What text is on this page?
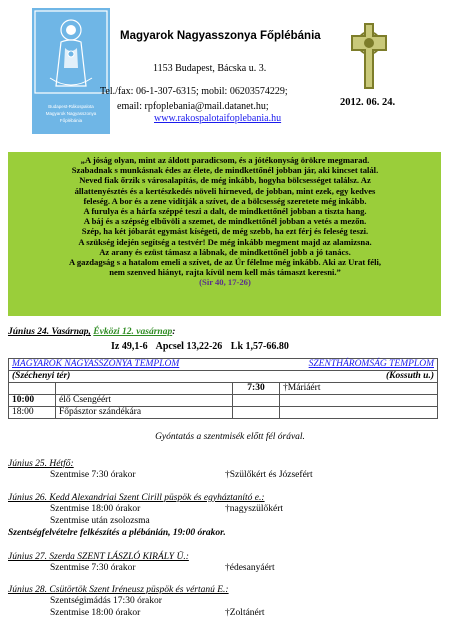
Budapest-Rákospalota
Magyarok Nagyasszonya
Főplébánia
Magyarok Nagyasszonya Főplébánia
1153 Budapest, Bácska u. 3.
Tel./fax: 06-1-307-6315; mobil: 06203574229;
email: rpfoplebania@mail.datanet.hu;
www.rakospalotaifoplebania.hu
2012. 06. 24.
„A jóság olyan, mint az áldott paradicsom, és a jótékonyság örökre megmarad.
Szabadnak s munkásnak édes az élete, de mindkettőnél jobban jár, aki kincset talál.
Neved fiak őrzik s városalapítás, de még inkább, hogyha bölcsességet találsz. Az
állattenyésztés és a kertészkedés növeli hírneved, de jobban, mint ezek, egy kedves
feleség. A bor és a zene vidítják a szívet, de a bölcsesség szeretete még inkább.
A furulya és a hárfa széppé teszi a dalt, de mindkettőnél jobban a tiszta hang.
A báj és a szépség elbűvöli a szemet, de mindkettőnél jobban a vetés a mezőn.
Szép, ha két jóbarát egymást kíségeti, de még szebb, ha ezt férj és feleség teszi.
A szükség idején segítség a testvér! De még inkább megment majd az alamizsna.
Az arany és ezüst támasz a lábnak, de mindkettőnél jobb a jó tanács.
A gazdagság s a hatalom emeli a szívet, de az Úr félelme még inkább. Aki az Urat féli,
nem szenved hiányt, rajta kívül nem kell más támaszt keresni.”
(Sir 40, 17-26)
Június 24. Vasárnap, Évközi 12. vasárnap:
Iz 49,1-6 Apcsel 13,22-26 Lk 1,57-66.80
MAGYAROK NAGYASSZONYA TEMPLOM		SZENTHÁROMSÁG TEMPLOM	
(Széchenyi tér)		(Kossuth u.)	
		7:30	†Máriáért
10:00	élő Csengéért		
18:00	Főpásztor szándékára		
Gyóntatás a szentmisék előtt fél órával.
Június 25. Hétfő:
Szentmise 7:30 órakor	†Szülőkért és Józsefért
Június 26. Kedd Alexandriai Szent Cirill püspök és egyháztanító e.:
Szentmise 18:00 órakor	†nagyszülőkért
Szentmise után zsolozsma
Szentségfelvételre felkészítés a plébánián, 19:00 órakor.
Június 27. Szerda SZENT LÁSZLÓ KIRÁLY Ü.:
Szentmise 7:30 órakor	†édesanyáért
Június 28. Csütörtök Szent Iréneusz püspök és vértanú E.:
Szentségimádás 17:30 órakor
Szentmise 18:00 órakor	†Zoltánért
